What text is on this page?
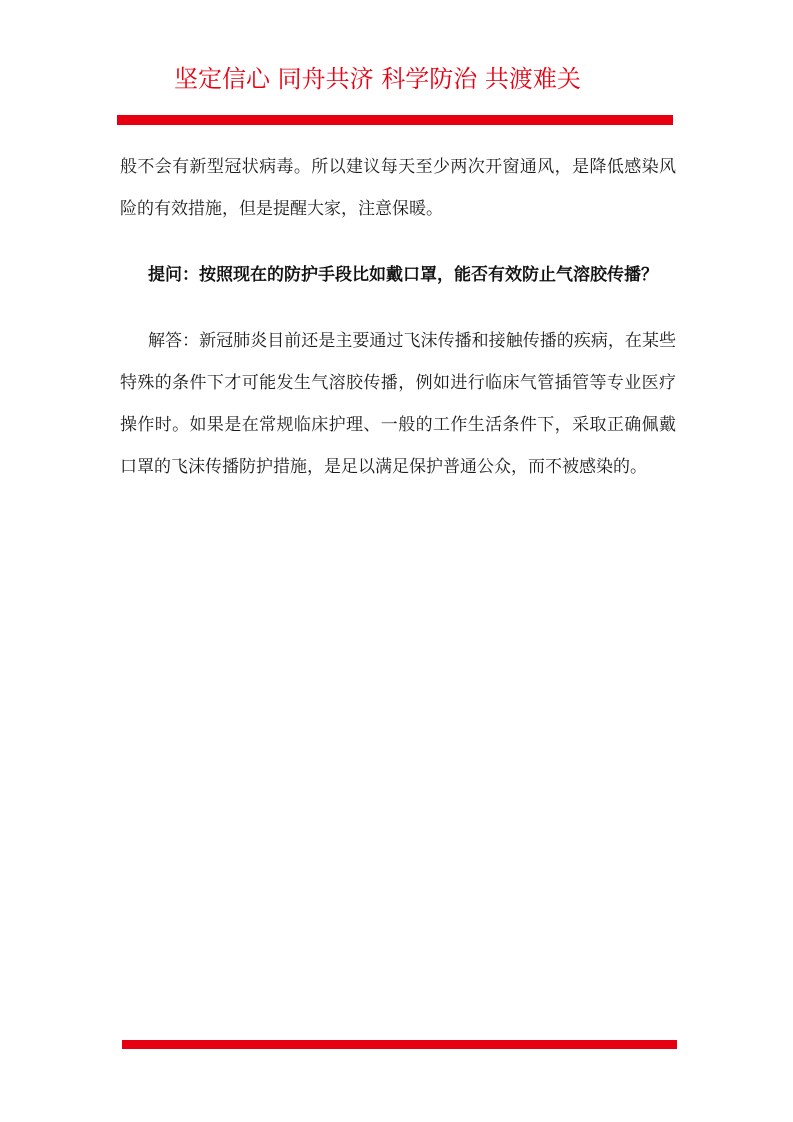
坚定信心 同舟共济 科学防治 共渡难关
般不会有新型冠状病毒。所以建议每天至少两次开窗通风，是降低感染风险的有效措施，但是提醒大家，注意保暖。
提问：按照现在的防护手段比如戴口罩，能否有效防止气溶胶传播？
解答：新冠肺炎目前还是主要通过飞沫传播和接触传播的疾病，在某些特殊的条件下才可能发生气溶胶传播，例如进行临床气管插管等专业医疗操作时。如果是在常规临床护理、一般的工作生活条件下，采取正确佩戴口罩的飞沫传播防护措施，是足以满足保护普通公众，而不被感染的。
